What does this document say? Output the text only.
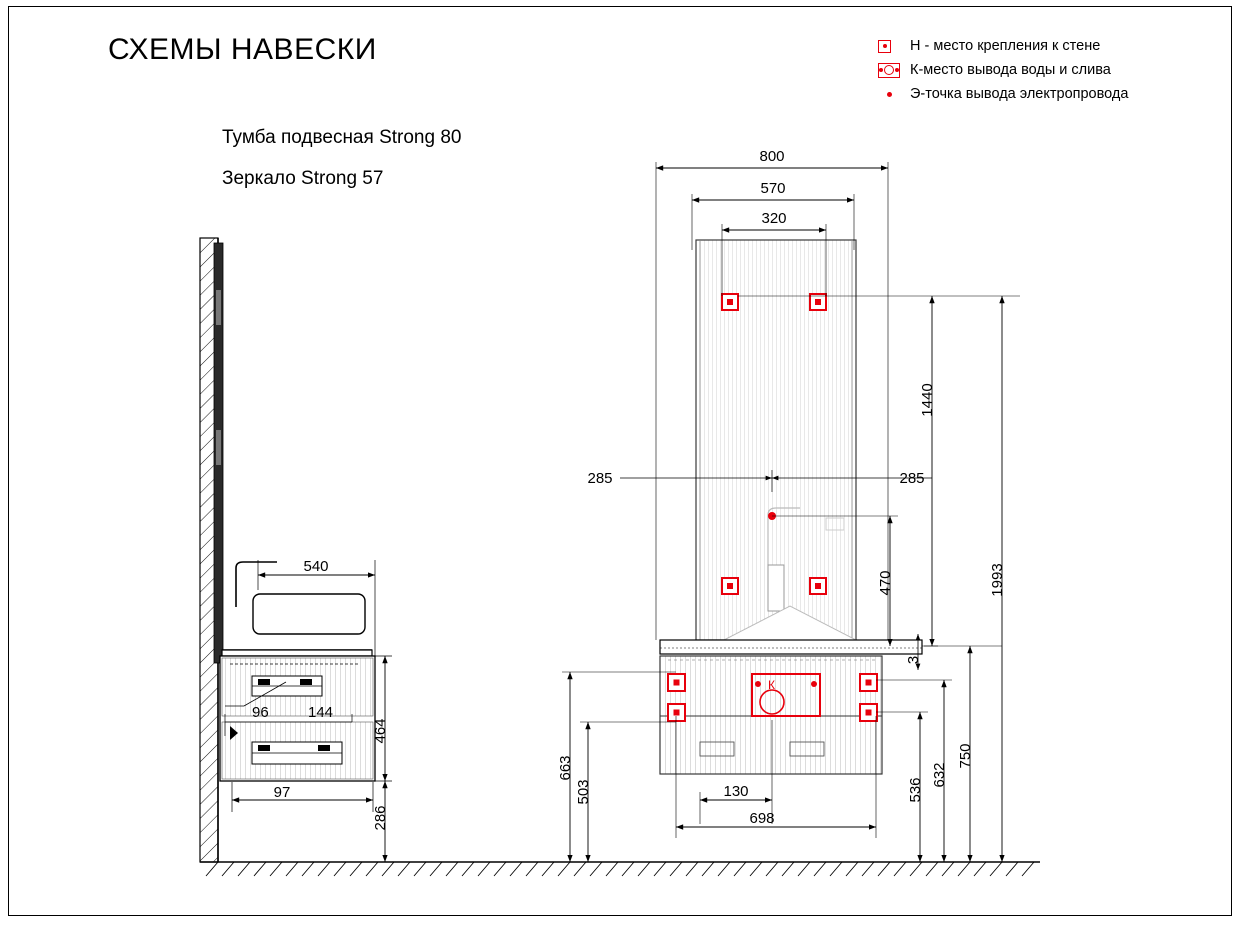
СХЕМЫ НАВЕСКИ
Тумба подвесная Strong 80
Зеркало Strong 57
Н - место крепления к стене
К-место вывода воды и слива
Э-точка вывода электропровода
540
464
286
96	144
97
К
800
570
320
1440
1993
470
285	285
3
663
503	536
632
750
130
698
